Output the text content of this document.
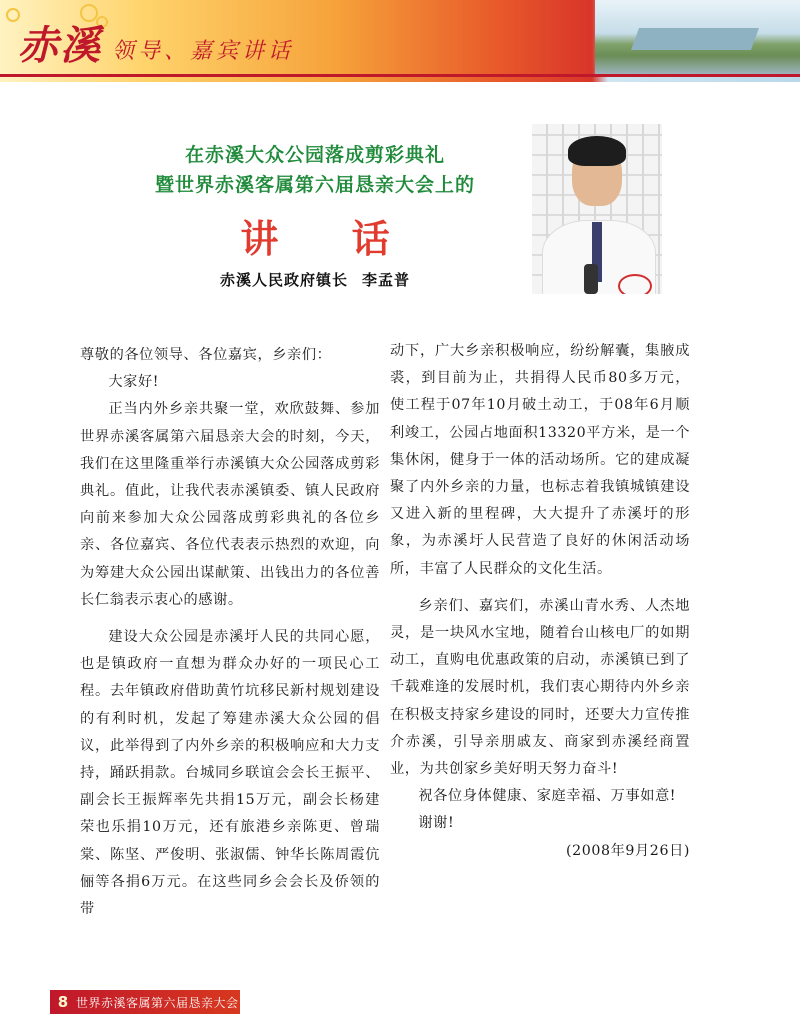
赤溪 领导、嘉宾讲话
在赤溪大众公园落成剪彩典礼
暨世界赤溪客属第六届恳亲大会上的
讲 话
赤溪人民政府镇长 李孟普

尊敬的各位领导、各位嘉宾，乡亲们：

大家好!

正当内外乡亲共聚一堂，欢欣鼓舞、参加世界赤溪客属第六届恳亲大会的时刻，今天，我们在这里隆重举行赤溪镇大众公园落成剪彩典礼。值此，让我代表赤溪镇委、镇人民政府向前来参加大众公园落成剪彩典礼的各位乡亲、各位嘉宾、各位代表表示热烈的欢迎，向为筹建大众公园出谋献策、出钱出力的各位善长仁翁表示衷心的感谢。

建设大众公园是赤溪圩人民的共同心愿，也是镇政府一直想为群众办好的一项民心工程。去年镇政府借助黄竹坑移民新村规划建设的有利时机，发起了筹建赤溪大众公园的倡议，此举得到了内外乡亲的积极响应和大力支持，踊跃捐款。台城同乡联谊会会长王振平、副会长王振辉率先共捐15万元，副会长杨建荣也乐捐10万元，还有旅港乡亲陈更、曾瑞棠、陈坚、严俊明、张淑儒、钟华长陈周霞伉俪等各捐6万元。在这些同乡会会长及侨领的带

动下，广大乡亲积极响应，纷纷解囊，集腋成裘，到目前为止，共捐得人民币80多万元，使工程于07年10月破土动工，于08年6月顺利竣工，公园占地面积13320平方米，是一个集休闲，健身于一体的活动场所。它的建成凝聚了内外乡亲的力量，也标志着我镇城镇建设又进入新的里程碑，大大提升了赤溪圩的形象，为赤溪圩人民营造了良好的休闲活动场所，丰富了人民群众的文化生活。

乡亲们、嘉宾们，赤溪山青水秀、人杰地灵，是一块风水宝地，随着台山核电厂的如期动工，直购电优惠政策的启动，赤溪镇已到了千载难逢的发展时机，我们衷心期待内外乡亲在积极支持家乡建设的同时，还要大力宣传推介赤溪，引导亲朋戚友、商家到赤溪经商置业，为共创家乡美好明天努力奋斗!

祝各位身体健康、家庭幸福、万事如意!

谢谢!

(2008年9月26日)

8 世界赤溪客属第六届恳亲大会
